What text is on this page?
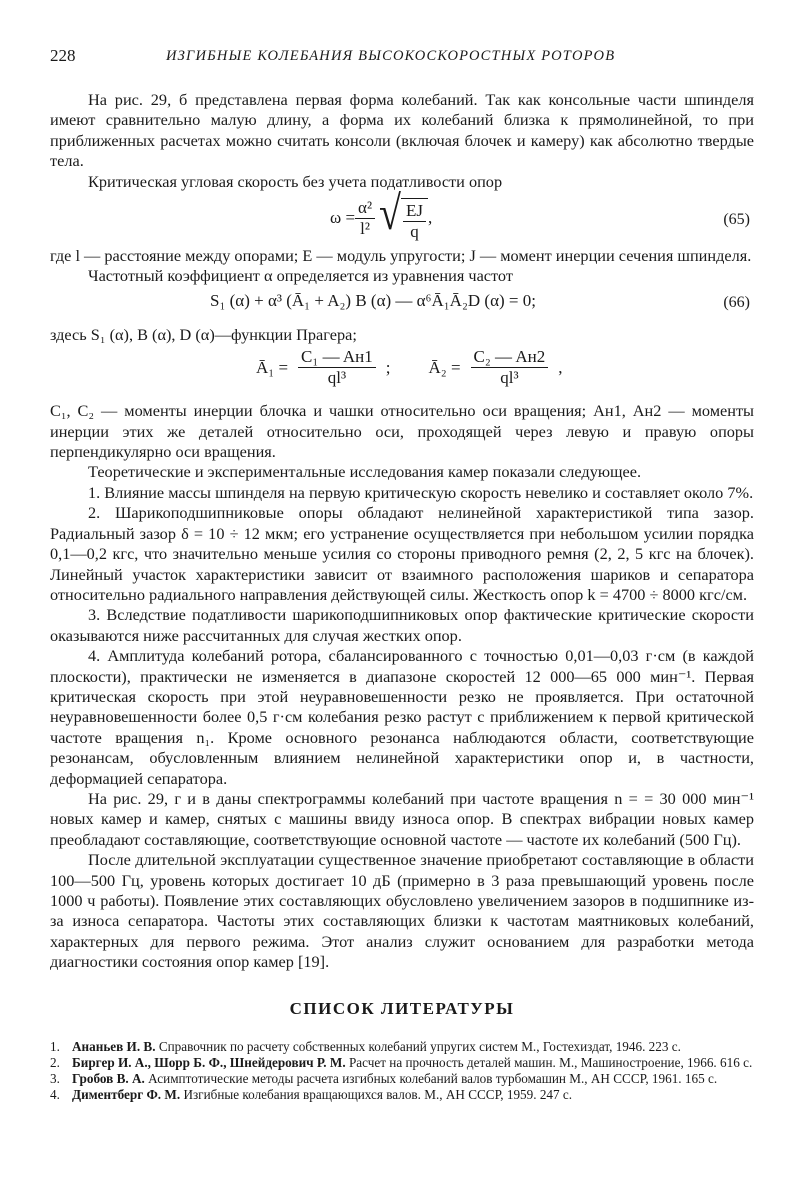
228	ИЗГИБНЫЕ КОЛЕБАНИЯ ВЫСОКОСКОРОСТНЫХ РОТОРОВ

На рис. 29, б представлена первая форма колебаний. Так как консольные части шпинделя имеют сравнительно малую длину, а форма их колебаний близка к прямолинейной, то при приближенных расчетах можно считать консоли (включая блочек и камеру) как абсолютно твердые тела.

Критическая угловая скорость без учета податливости опор

$\omega = \frac{\text{α²}}{\text{l²}}$ √ $\frac{EJ}{q}$ ,	(65)

где l — расстояние между опорами; E — модуль упругости; J — момент инерции сечения шпинделя.

Частотный коэффициент α определяется из уравнения частот

S₁ (α) + α³ (Ā₁ + A₂) B (α) — α⁶Ā₁Ā₂D (α) = 0;	(66)

здесь S₁ (α), B (α), D (α)—функции Прагера;

Ā₁ = $\frac{\text{C₁ — Aн1}}{\text{ql³}}$ ; Ā₂ = $\frac{\text{C₂ — Aн2}}{\text{ql³}}$ ,

C₁, C₂ — моменты инерции блочка и чашки относительно оси вращения; Aн1, Aн2 — моменты инерции этих же деталей относительно оси, проходящей через левую и правую опоры перпендикулярно оси вращения.

Теоретические и экспериментальные исследования камер показали следующее.

1. Влияние массы шпинделя на первую критическую скорость невелико и составляет около 7%.

2. Шарикоподшипниковые опоры обладают нелинейной характеристикой типа зазор. Радиальный зазор δ = 10 ÷ 12 мкм; его устранение осуществляется при небольшом усилии порядка 0,1—0,2 кгс, что значительно меньше усилия со стороны приводного ремня (2, 2, 5 кгс на блочек). Линейный участок характеристики зависит от взаимного расположения шариков и сепаратора относительно радиального направления действующей силы. Жесткость опор k = 4700 ÷ 8000 кгс/см.

3. Вследствие податливости шарикоподшипниковых опор фактические критические скорости оказываются ниже рассчитанных для случая жестких опор.

4. Амплитуда колебаний ротора, сбалансированного с точностью 0,01—0,03 г·см (в каждой плоскости), практически не изменяется в диапазоне скоростей 12 000—65 000 мин⁻¹. Первая критическая скорость при этой неуравновешенности резко не проявляется. При остаточной неуравновешенности более 0,5 г·см колебания резко растут с приближением к первой критической частоте вращения n₁. Кроме основного резонанса наблюдаются области, соответствующие резонансам, обусловленным влиянием нелинейной характеристики опор и, в частности, деформацией сепаратора.

На рис. 29, г и в даны спектрограммы колебаний при частоте вращения n = = 30 000 мин⁻¹ новых камер и камер, снятых с машины ввиду износа опор. В спектрах вибрации новых камер преобладают составляющие, соответствующие основной частоте — частоте их колебаний (500 Гц).

После длительной эксплуатации существенное значение приобретают составляющие в области 100—500 Гц, уровень которых достигает 10 дБ (примерно в 3 раза превышающий уровень после 1000 ч работы). Появление этих составляющих обусловлено увеличением зазоров в подшипнике из-за износа сепаратора. Частоты этих составляющих близки к частотам маятниковых колебаний, характерных для первого режима. Этот анализ служит основанием для разработки метода диагностики состояния опор камер [19].

СПИСОК ЛИТЕРАТУРЫ
1. Ананьев И. В. Справочник по расчету собственных колебаний упругих систем М., Гостехиздат, 1946. 223 с.
2. Биргер И. А., Шорр Б. Ф., Шнейдерович Р. М. Расчет на прочность деталей машин. М., Машиностроение, 1966. 616 с.
3. Гробов В. А. Асимптотические методы расчета изгибных колебаний валов турбомашин М., АН СССР, 1961. 165 с.
4. Диментберг Ф. М. Изгибные колебания вращающихся валов. М., АН СССР, 1959. 247 с.
